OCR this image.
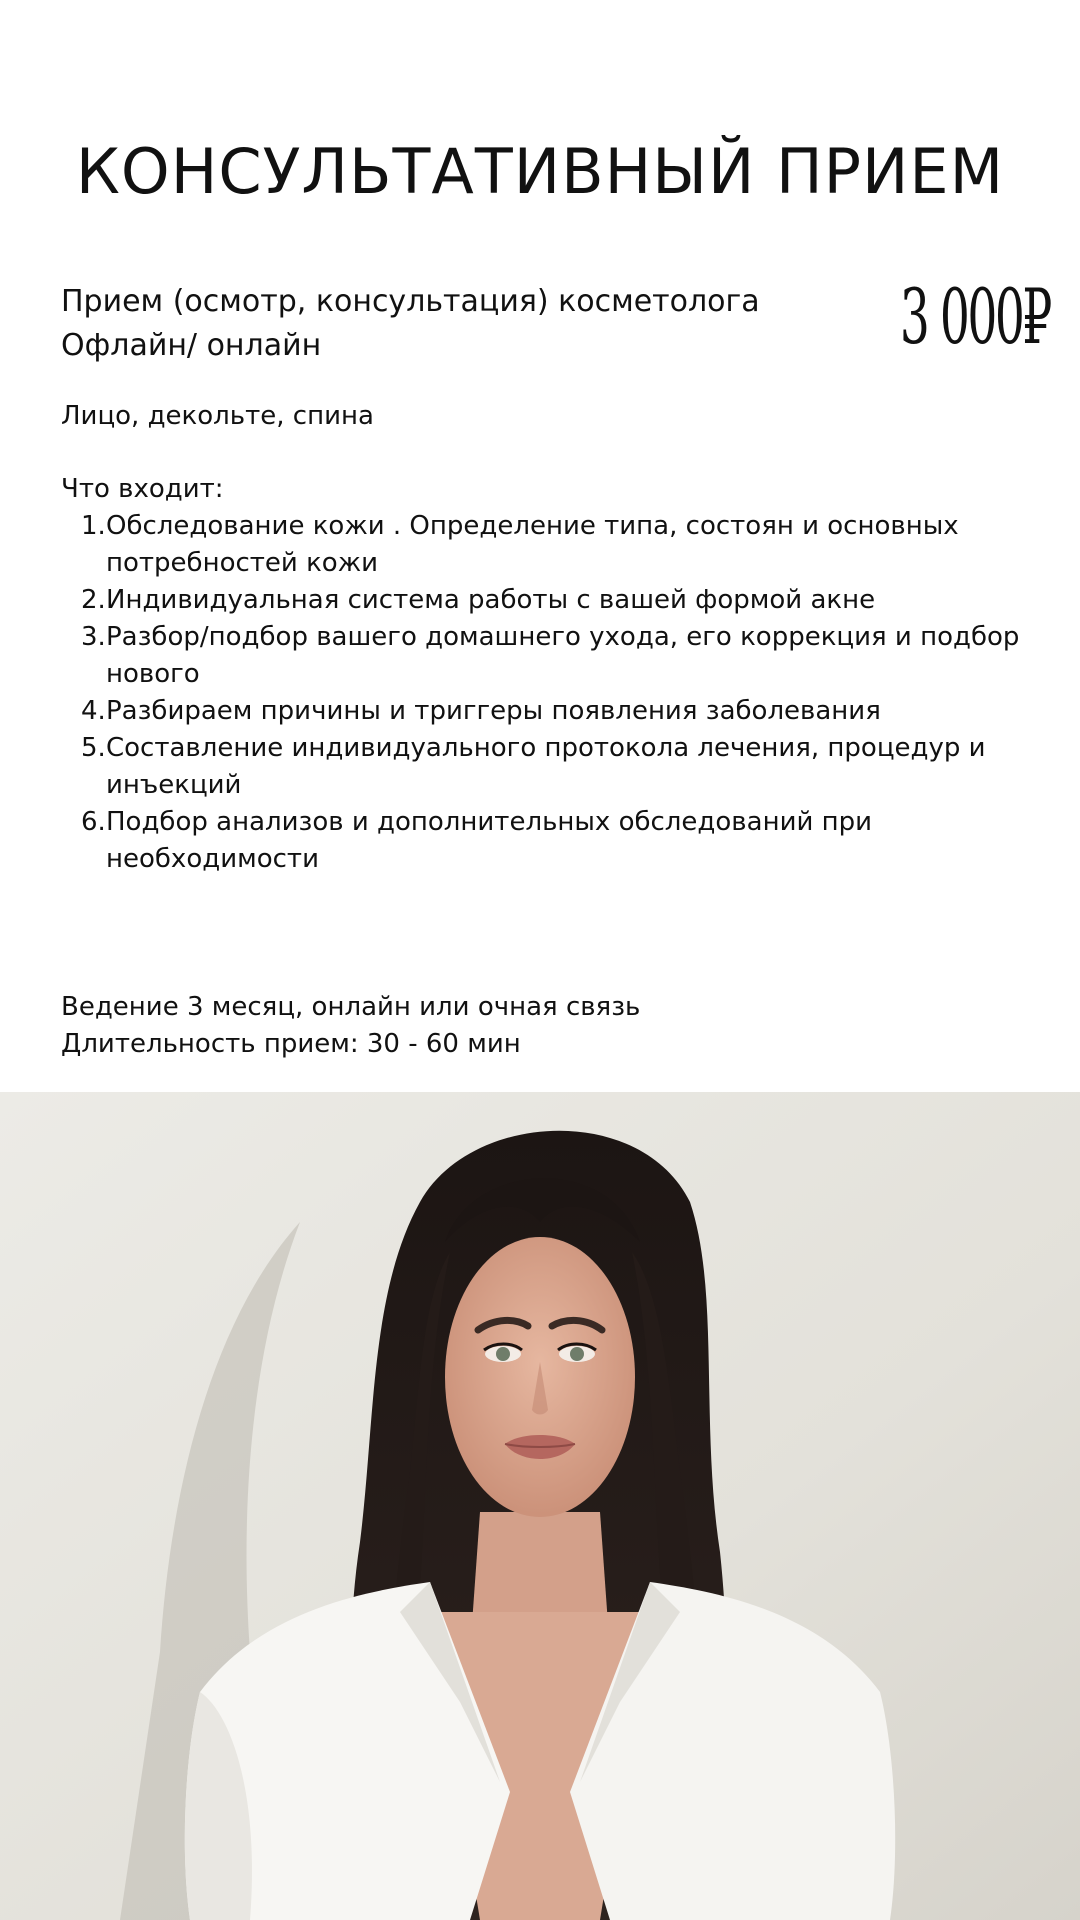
КОНСУЛЬТАТИВНЫЙ ПРИЕМ
Прием (осмотр, консультация) косметолога
Офлайн/ онлайн	3 000₽
Лицо, декольте, спина
Что входит:
1. Обследование кожи . Определение типа, состоян и основных
потребностей кожи
2. Индивидуальная система работы с вашей формой акне
3. Разбор/подбор вашего домашнего ухода, его коррекция и подбор
нового
4. Разбираем причины и триггеры появления заболевания
5. Составление индивидуального протокола лечения, процедур и
инъекций
6. Подбор анализов и дополнительных обследований при
необходимости
Ведение 3 месяц, онлайн или очная связь
Длительность прием: 30 - 60 мин
